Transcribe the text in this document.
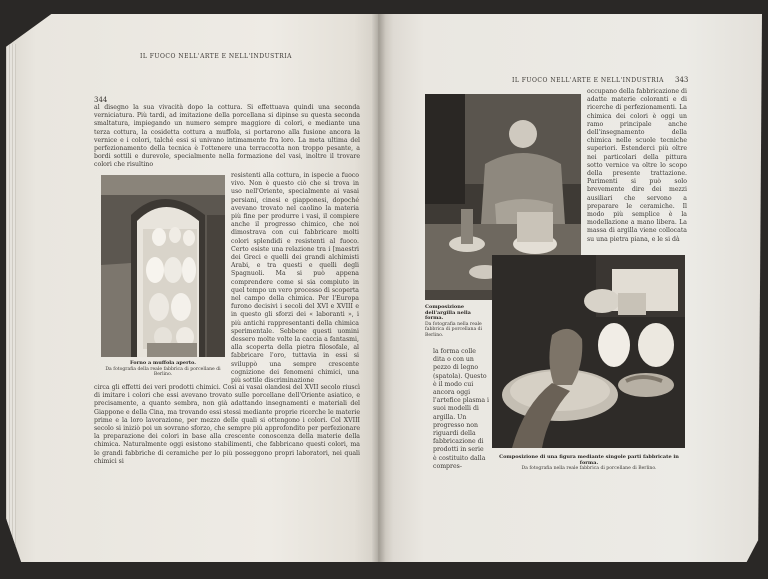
344
IL FUOCO NELL'ARTE E NELL'INDUSTRIA
al disegno la sua vivacità dopo la cottura. Si effettuava quindi una seconda verniciatura. Più tardi, ad imitazione della porcellana si dipinse su questa seconda smaltatura, impiegando un numero sempre maggiore di colori, e mediante una terza cottura, la cosidetta cottura a muffola, si portarono alla fusione ancora la vernice e i colori, talché essi si univano intimamente fra loro. La meta ultima del perfezionamento della tecnica è l'ottenere una terraccotta non troppo pesante, a bordi sottili e durevole, specialmente nella formazione del vasi, inoltre il trovare colori che risultino
Forno a muffola aperto.
Da fotografia della reale fabbrica di porcellane di Berlino.
resistenti alla cottura, in ispecie a fuoco vivo. Non è questo ciò che si trova in uso nell'Oriente, specialmente ai vasai persiani, cinesi e giapponesi, dopoché avevano trovato nel caolino la materia più fine per produrre i vasi, il compiere anche il progresso chimico, che noi dimostrava con cui fabbricare molti colori splendidi e resistenti al fuoco. Certo esiste una relazione tra i [maestri dei Greci e quelli dei grandi alchimisti Arabi, e tra questi e quelli degli Spagnuoli. Ma si può appena comprendere come si sia compiuto in quel tempo un vero processo di scoperta nel campo della chimica. Per l'Europa furono decisivi i secoli del XVI e XVIII e in questo gli sforzi dei « laboranti », i più antichi rappresentanti della chimica sperimentale. Sebbene questi uomini dessero molte volte la caccia a fantasmi, alla scoperta della pietra filosofale, al fabbricare l'oro, tuttavia in essi si sviluppò una sempre crescente cognizione dei fenomeni chimici, una più sottile discriminazione
circa gli effetti dei veri prodotti chimici. Così ai vasai olandesi del XVII secolo riuscì di imitare i colori che essi avevano trovato sulle porcellane dell'Oriente asiatico, e precisamente, a quanto sembra, non già adattando insegnamenti e materiali del Giappone e della Cina, ma trovando essi stessi mediante proprie ricerche le materie prime e la loro lavorazione, per mezzo delle quali si ottengono i colori. Col XVIII secolo si iniziò poi un sovrano sforzo, che sempre più approfondito per perfezionare la preparazione dei colori in base alla crescente conoscenza della materie della chimica. Naturalmente oggi esistono stabilimenti, che fabbricano questi colori, ma le grandi fabbriche di ceramiche per lo più posseggono propri laboratori, nei quali chimici si
IL FUOCO NELL'ARTE E NELL'INDUSTRIA 343
Composizione dell'argilla nella forma.
Da fotografia nella reale fabbrica di porcellana di Berlino.
occupano della fabbricazione di adatte materie coloranti e di ricerche di perfezionamenti. La chimica dei colori è oggi un ramo principale anche dell'insegnamento della chimica nelle scuole tecniche superiori. Estenderci più oltre nei particolari della pittura sotto vernice va oltre lo scopo della presente trattazione. Parimenti si può solo brevemente dire dei mezzi ausiliari che servono a preparare le ceramiche. Il modo più semplice è la modellazione a mano libera. La massa di argilla viene collocata su una pietra piana, e le si dà
la forma colle dita o con un pezzo di legno (spatola). Questo è il modo cui ancora oggi l'artefice plasma i suoi modelli di argilla. Un progresso non riguardi della fabbricazione di prodotti in serie è costituito dalla compres-
Composizione di una figura mediante singole parti fabbricate in forma.
Da fotografia nella reale fabbrica di porcellane di Berlino.
